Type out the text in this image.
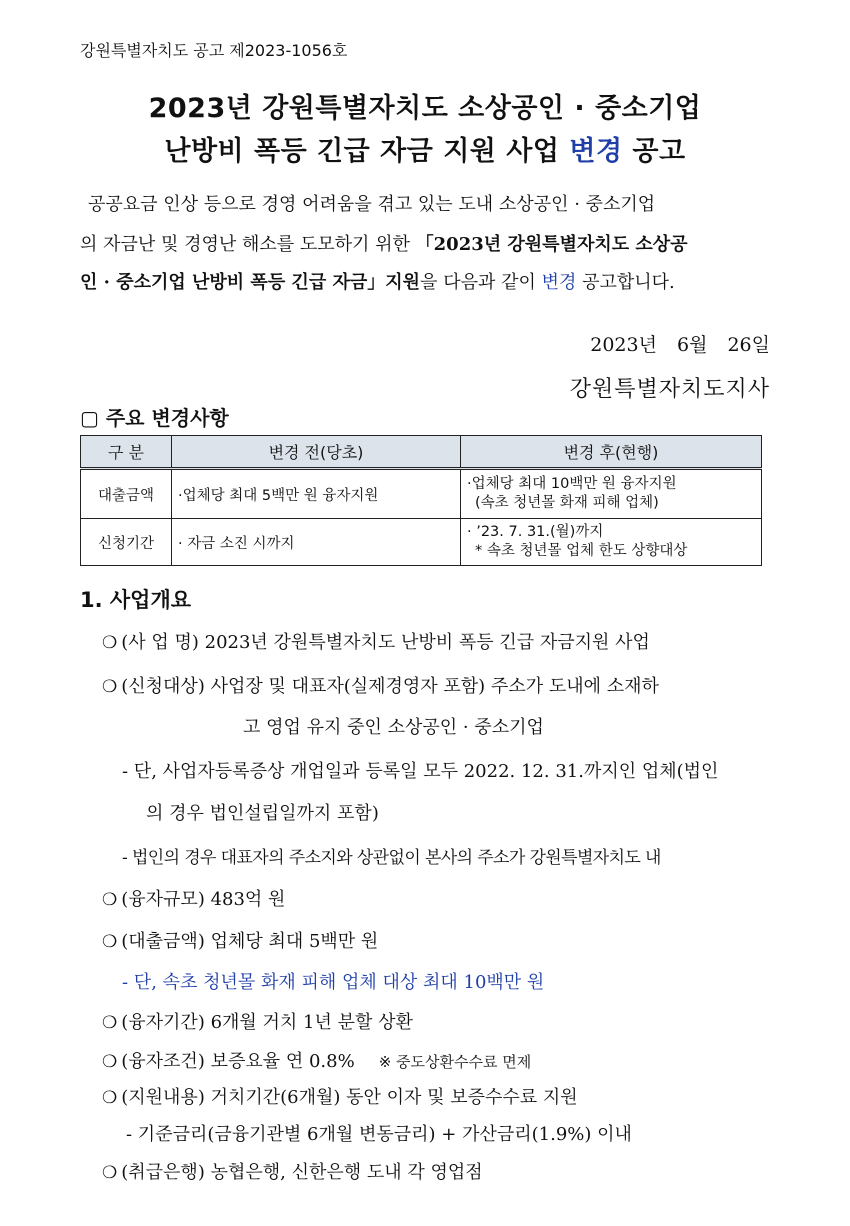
강원특별자치도 공고 제2023-1056호
2023년 강원특별자치도 소상공인 · 중소기업
난방비 폭등 긴급 자금 지원 사업 변경 공고
공공요금 인상 등으로 경영 어려움을 겪고 있는 도내 소상공인 · 중소기업
의 자금난 및 경영난 해소를 도모하기 위한 「2023년 강원특별자치도 소상공
인 · 중소기업 난방비 폭등 긴급 자금」지원을 다음과 같이 변경 공고합니다.
2023년 6월 26일
강원특별자치도지사
▢ 주요 변경사항
구 분	변경 전(당초)	변경 후(현행)
대출금액	·업체당 최대 5백만 원 융자지원	·업체당 최대 10백만 원 융자지원
(속초 청년몰 화재 피해 업체)

신청기간	· 자금 소진 시까지	· ’23. 7. 31.(월)까지
* 속초 청년몰 업체 한도 상향대상
1. 사업개요
❍ (사 업 명) 2023년 강원특별자치도 난방비 폭등 긴급 자금지원 사업
❍ (신청대상) 사업장 및 대표자(실제경영자 포함) 주소가 도내에 소재하
고 영업 유지 중인 소상공인 · 중소기업
- 단, 사업자등록증상 개업일과 등록일 모두 2022. 12. 31.까지인 업체(법인
의 경우 법인설립일까지 포함)
- 법인의 경우 대표자의 주소지와 상관없이 본사의 주소가 강원특별자치도 내
❍ (융자규모) 483억 원
❍ (대출금액) 업체당 최대 5백만 원
- 단, 속초 청년몰 화재 피해 업체 대상 최대 10백만 원
❍ (융자기간) 6개월 거치 1년 분할 상환
❍ (융자조건) 보증요율 연 0.8% ※ 중도상환수수료 면제
❍ (지원내용) 거치기간(6개월) 동안 이자 및 보증수수료 지원
- 기준금리(금융기관별 6개월 변동금리) + 가산금리(1.9%) 이내
❍ (취급은행) 농협은행, 신한은행 도내 각 영업점
